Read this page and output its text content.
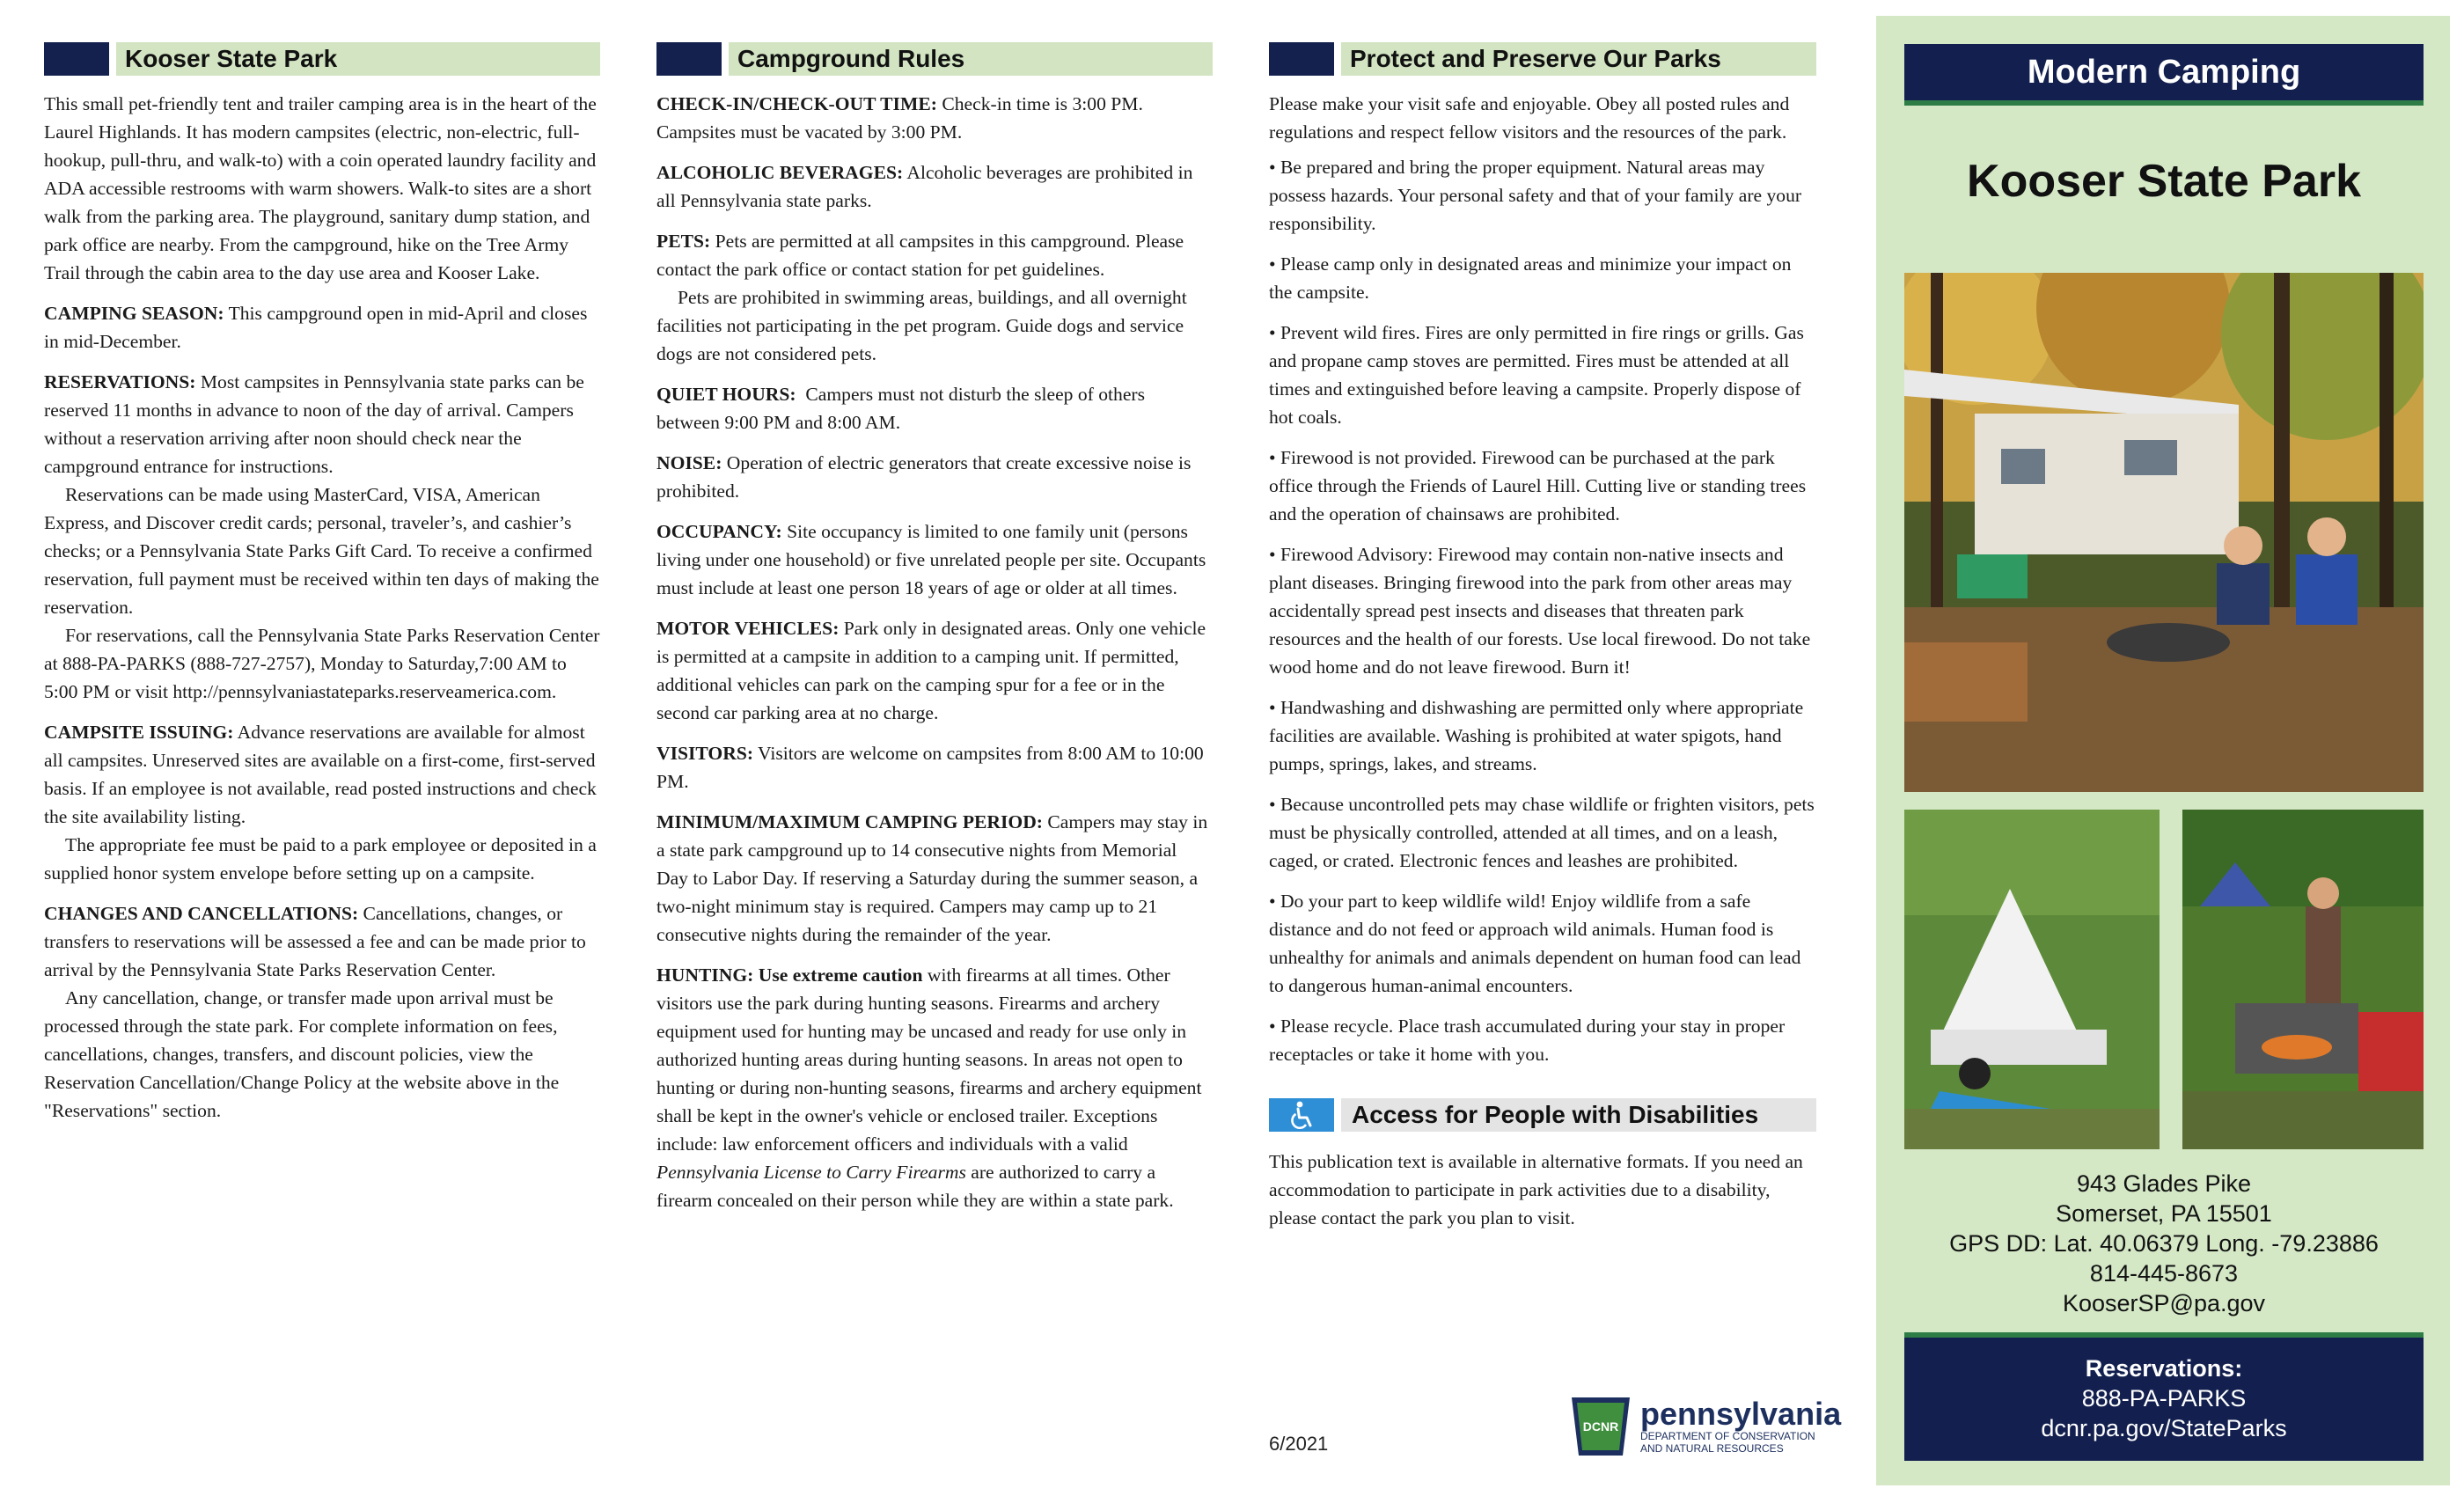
Kooser State Park

This small pet-friendly tent and trailer camping area is in the heart of the Laurel Highlands. It has modern campsites (electric, non-electric, full-hookup, pull-thru, and walk-to) with a coin operated laundry facility and ADA accessible restrooms with warm showers. Walk-to sites are a short walk from the parking area. The playground, sanitary dump station, and park office are nearby. From the campground, hike on the Tree Army Trail through the cabin area to the day use area and Kooser Lake.

CAMPING SEASON: This campground open in mid-April and closes in mid-December.

RESERVATIONS: Most campsites in Pennsylvania state parks can be reserved 11 months in advance to noon of the day of arrival. Campers without a reservation arriving after noon should check near the campground entrance for instructions.

Reservations can be made using MasterCard, VISA, American Express, and Discover credit cards; personal, traveler’s, and cashier’s checks; or a Pennsylvania State Parks Gift Card. To receive a confirmed reservation, full payment must be received within ten days of making the reservation.

For reservations, call the Pennsylvania State Parks Reservation Center at 888-PA-PARKS (888-727-2757), Monday to Saturday,7:00 AM to 5:00 PM or visit http://pennsylvaniastateparks.reserveamerica.com.

CAMPSITE ISSUING: Advance reservations are available for almost all campsites. Unreserved sites are available on a first-come, first-served basis. If an employee is not available, read posted instructions and check the site availability listing.

The appropriate fee must be paid to a park employee or deposited in a supplied honor system envelope before setting up on a campsite.

CHANGES AND CANCELLATIONS: Cancellations, changes, or transfers to reservations will be assessed a fee and can be made prior to arrival by the Pennsylvania State Parks Reservation Center.

Any cancellation, change, or transfer made upon arrival must be processed through the state park. For complete information on fees, cancellations, changes, transfers, and discount policies, view the Reservation Cancellation/Change Policy at the website above in the "Reservations" section.

Campground Rules

CHECK-IN/CHECK-OUT TIME: Check-in time is 3:00 PM. Campsites must be vacated by 3:00 PM.

ALCOHOLIC BEVERAGES: Alcoholic beverages are prohibited in all Pennsylvania state parks.

PETS: Pets are permitted at all campsites in this campground. Please contact the park office or contact station for pet guidelines.

Pets are prohibited in swimming areas, buildings, and all overnight facilities not participating in the pet program. Guide dogs and service dogs are not considered pets.

QUIET HOURS:  Campers must not disturb the sleep of others between 9:00 PM and 8:00 AM.

NOISE: Operation of electric generators that create excessive noise is prohibited.

OCCUPANCY: Site occupancy is limited to one family unit (persons living under one household) or five unrelated people per site. Occupants must include at least one person 18 years of age or older at all times.

MOTOR VEHICLES: Park only in designated areas. Only one vehicle is permitted at a campsite in addition to a camping unit. If permitted, additional vehicles can park on the camping spur for a fee or in the second car parking area at no charge.

VISITORS: Visitors are welcome on campsites from 8:00 AM to 10:00 PM.

MINIMUM/MAXIMUM CAMPING PERIOD: Campers may stay in a state park campground up to 14 consecutive nights from Memorial Day to Labor Day. If reserving a Saturday during the summer season, a two-night minimum stay is required. Campers may camp up to 21 consecutive nights during the remainder of the year.

HUNTING: Use extreme caution with firearms at all times. Other visitors use the park during hunting seasons. Firearms and archery equipment used for hunting may be uncased and ready for use only in authorized hunting areas during hunting seasons. In areas not open to hunting or during non-hunting seasons, firearms and archery equipment shall be kept in the owner's vehicle or enclosed trailer. Exceptions include: law enforcement officers and individuals with a valid Pennsylvania License to Carry Firearms are authorized to carry a firearm concealed on their person while they are within a state park.

Protect and Preserve Our Parks

Please make your visit safe and enjoyable. Obey all posted rules and regulations and respect fellow visitors and the resources of the park.

• Be prepared and bring the proper equipment. Natural areas may possess hazards. Your personal safety and that of your family are your responsibility.

• Please camp only in designated areas and minimize your impact on the campsite.

• Prevent wild fires. Fires are only permitted in fire rings or grills. Gas and propane camp stoves are permitted. Fires must be attended at all times and extinguished before leaving a campsite. Properly dispose of hot coals.

• Firewood is not provided. Firewood can be purchased at the park office through the Friends of Laurel Hill. Cutting live or standing trees and the operation of chainsaws are prohibited.

• Firewood Advisory: Firewood may contain non-native insects and plant diseases. Bringing firewood into the park from other areas may accidentally spread pest insects and diseases that threaten park resources and the health of our forests. Use local firewood. Do not take wood home and do not leave firewood. Burn it!

• Handwashing and dishwashing are permitted only where appropriate facilities are available. Washing is prohibited at water spigots, hand pumps, springs, lakes, and streams.

• Because uncontrolled pets may chase wildlife or frighten visitors, pets must be physically controlled, attended at all times, and on a leash, caged, or crated. Electronic fences and leashes are prohibited.

• Do your part to keep wildlife wild! Enjoy wildlife from a safe distance and do not feed or approach wild animals. Human food is unhealthy for animals and animals dependent on human food can lead to dangerous human-animal encounters.

• Please recycle. Place trash accumulated during your stay in proper receptacles or take it home with you.

Access for People with Disabilities

This publication text is available in alternative formats. If you need an accommodation to participate in park activities due to a disability, please contact the park you plan to visit.

6/2021
DCNR pennsylvania
DEPARTMENT OF CONSERVATION
AND NATURAL RESOURCES
Modern Camping
Kooser State Park
943 Glades Pike
Somerset, PA 15501
GPS DD: Lat. 40.06379 Long. -79.23886
814-445-8673
KooserSP@pa.gov
Reservations:
888-PA-PARKS
dcnr.pa.gov/StateParks
